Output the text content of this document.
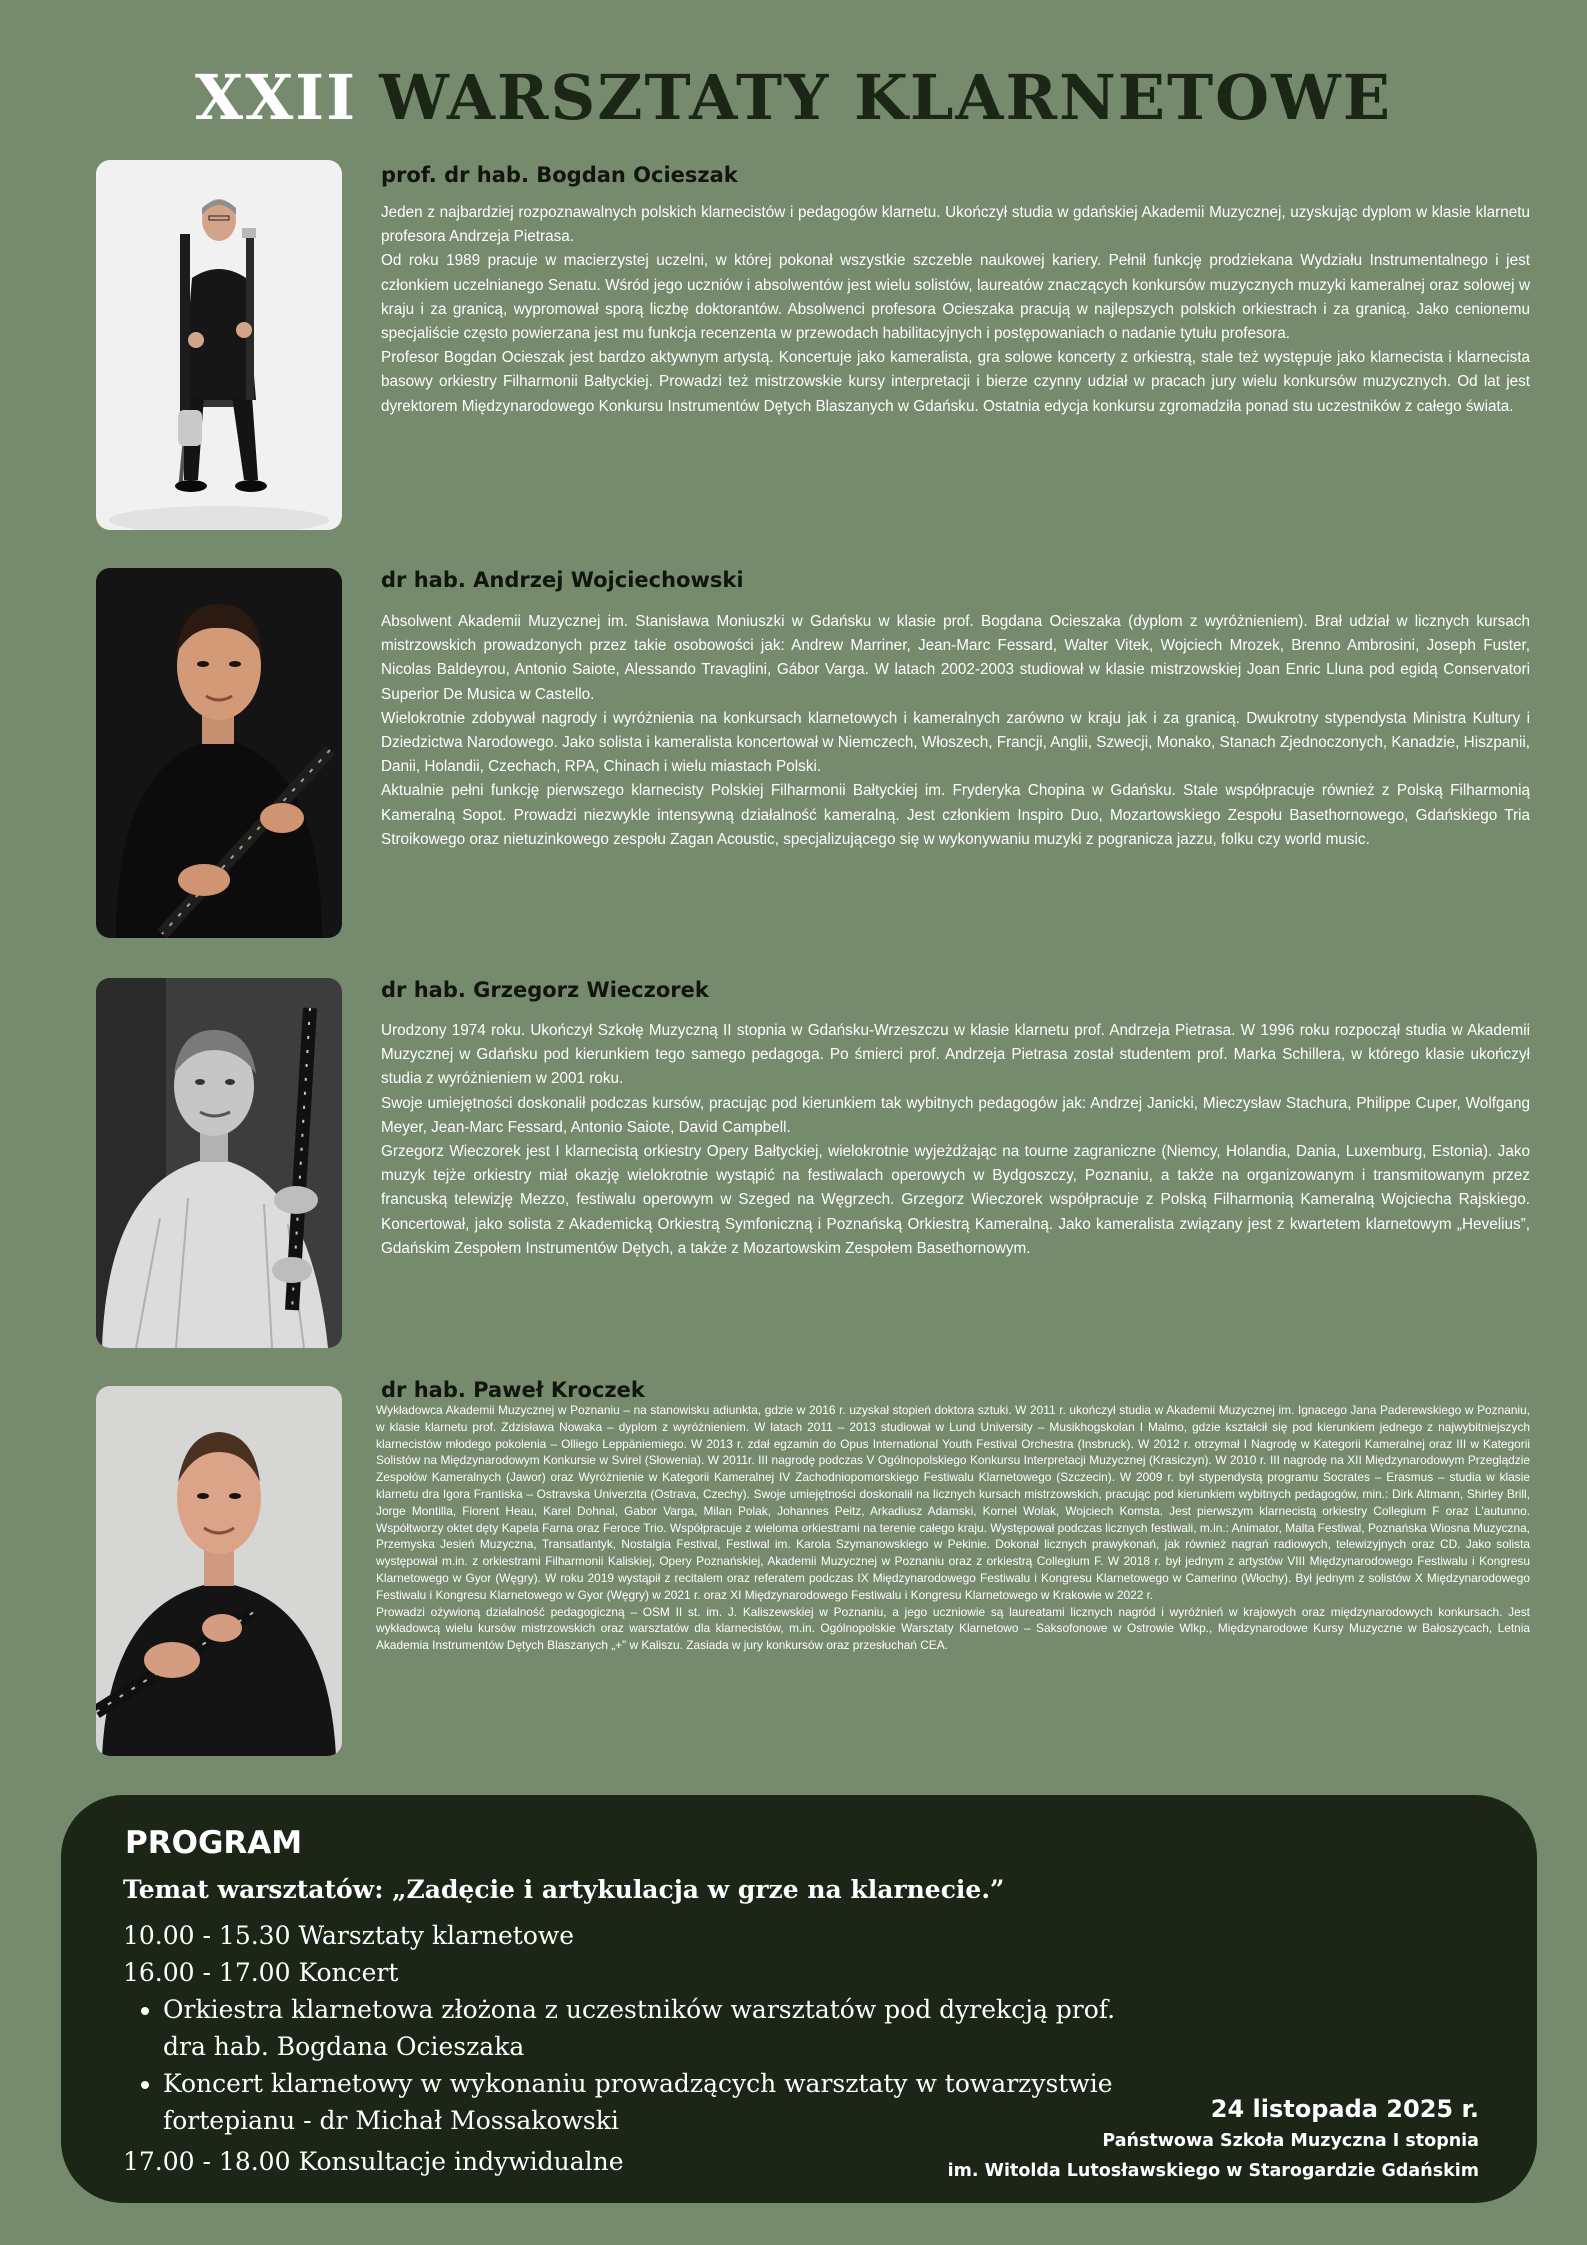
XXII WARSZTATY KLARNETOWE
prof. dr hab. Bogdan Ocieszak

Jeden z najbardziej rozpoznawalnych polskich klarnecistów i pedagogów klarnetu. Ukończył studia w gdańskiej Akademii Muzycznej, uzyskując dyplom w klasie klarnetu profesora Andrzeja Pietrasa.

Od roku 1989 pracuje w macierzystej uczelni, w której pokonał wszystkie szczeble naukowej kariery. Pełnił funkcję prodziekana Wydziału Instrumentalnego i jest członkiem uczelnianego Senatu. Wśród jego uczniów i absolwentów jest wielu solistów, laureatów znaczących konkursów muzycznych muzyki kameralnej oraz solowej w kraju i za granicą, wypromował sporą liczbę doktorantów. Absolwenci profesora Ocieszaka pracują w najlepszych polskich orkiestrach i za granicą. Jako cenionemu specjaliście często powierzana jest mu funkcja recenzenta w przewodach habilitacyjnych i postępowaniach o nadanie tytułu profesora.

Profesor Bogdan Ocieszak jest bardzo aktywnym artystą. Koncertuje jako kameralista, gra solowe koncerty z orkiestrą, stale też występuje jako klarnecista i klarnecista basowy orkiestry Filharmonii Bałtyckiej. Prowadzi też mistrzowskie kursy interpretacji i bierze czynny udział w pracach jury wielu konkursów muzycznych. Od lat jest dyrektorem Międzynarodowego Konkursu Instrumentów Dętych Blaszanych w Gdańsku. Ostatnia edycja konkursu zgromadziła ponad stu uczestników z całego świata.

dr hab. Andrzej Wojciechowski

Absolwent Akademii Muzycznej im. Stanisława Moniuszki w Gdańsku w klasie prof. Bogdana Ocieszaka (dyplom z wyróżnieniem). Brał udział w licznych kursach mistrzowskich prowadzonych przez takie osobowości jak: Andrew Marriner, Jean-Marc Fessard, Walter Vitek, Wojciech Mrozek, Brenno Ambrosini, Joseph Fuster, Nicolas Baldeyrou, Antonio Saiote, Alessando Travaglini, Gábor Varga. W latach 2002-2003 studiował w klasie mistrzowskiej Joan Enric Lluna pod egidą Conservatori Superior De Musica w Castello.

Wielokrotnie zdobywał nagrody i wyróżnienia na konkursach klarnetowych i kameralnych zarówno w kraju jak i za granicą. Dwukrotny stypendysta Ministra Kultury i Dziedzictwa Narodowego. Jako solista i kameralista koncertował w Niemczech, Włoszech, Francji, Anglii, Szwecji, Monako, Stanach Zjednoczonych, Kanadzie, Hiszpanii, Danii, Holandii, Czechach, RPA, Chinach i wielu miastach Polski.

Aktualnie pełni funkcję pierwszego klarnecisty Polskiej Filharmonii Bałtyckiej im. Fryderyka Chopina w Gdańsku. Stale współpracuje również z Polską Filharmonią Kameralną Sopot. Prowadzi niezwykle intensywną działalność kameralną. Jest członkiem Inspiro Duo, Mozartowskiego Zespołu Basethornowego, Gdańskiego Tria Stroikowego oraz nietuzinkowego zespołu Zagan Acoustic, specjalizującego się w wykonywaniu muzyki z pogranicza jazzu, folku czy world music.

dr hab. Grzegorz Wieczorek

Urodzony 1974 roku. Ukończył Szkołę Muzyczną II stopnia w Gdańsku-Wrzeszczu w klasie klarnetu prof. Andrzeja Pietrasa. W 1996 roku rozpoczął studia w Akademii Muzycznej w Gdańsku pod kierunkiem tego samego pedagoga. Po śmierci prof. Andrzeja Pietrasa został studentem prof. Marka Schillera, w którego klasie ukończył studia z wyróżnieniem w 2001 roku.

Swoje umiejętności doskonalił podczas kursów, pracując pod kierunkiem tak wybitnych pedagogów jak: Andrzej Janicki, Mieczysław Stachura, Philippe Cuper, Wolfgang Meyer, Jean-Marc Fessard, Antonio Saiote, David Campbell.

Grzegorz Wieczorek jest I klarnecistą orkiestry Opery Bałtyckiej, wielokrotnie wyjeżdżając na tourne zagraniczne (Niemcy, Holandia, Dania, Luxemburg, Estonia). Jako muzyk tejże orkiestry miał okazję wielokrotnie wystąpić na festiwalach operowych w Bydgoszczy, Poznaniu, a także na organizowanym i transmitowanym przez francuską telewizję Mezzo, festiwalu operowym w Szeged na Węgrzech. Grzegorz Wieczorek współpracuje z Polską Filharmonią Kameralną Wojciecha Rajskiego. Koncertował, jako solista z Akademicką Orkiestrą Symfoniczną i Poznańską Orkiestrą Kameralną. Jako kameralista związany jest z kwartetem klarnetowym „Hevelius”, Gdańskim Zespołem Instrumentów Dętych, a także z Mozartowskim Zespołem Basethornowym.

dr hab. Paweł Kroczek

Wykładowca Akademii Muzycznej w Poznaniu – na stanowisku adiunkta, gdzie w 2016 r. uzyskał stopień doktora sztuki. W 2011 r. ukończył studia w Akademii Muzycznej im. Ignacego Jana Paderewskiego w Poznaniu, w klasie klarnetu prof. Zdzisława Nowaka – dyplom z wyróżnieniem. W latach 2011 – 2013 studiował w Lund University – Musikhogskolan I Malmo, gdzie kształcił się pod kierunkiem jednego z najwybitniejszych klarnecistów młodego pokolenia – Olliego Leppäniemiego. W 2013 r. zdał egzamin do Opus International Youth Festival Orchestra (Insbruck). W 2012 r. otrzymał I Nagrodę w Kategorii Kameralnej oraz III w Kategorii Solistów na Międzynarodowym Konkursie w Svirel (Słowenia). W 2011r. III nagrodę podczas V Ogólnopolskiego Konkursu Interpretacji Muzycznej (Krasiczyn). W 2010 r. III nagrodę na XII Międzynarodowym Przeglądzie Zespołów Kameralnych (Jawor) oraz Wyróżnienie w Kategorii Kameralnej IV Zachodniopomorskiego Festiwalu Klarnetowego (Szczecin). W 2009 r. był stypendystą programu Socrates – Erasmus – studia w klasie klarnetu dra Igora Frantiska – Ostravska Univerzita (Ostrava, Czechy). Swoje umiejętności doskonalił na licznych kursach mistrzowskich, pracując pod kierunkiem wybitnych pedagogów, min.: Dirk Altmann, Shirley Brill, Jorge Montilla, Florent Heau, Karel Dohnal, Gabor Varga, Milan Polak, Johannes Peitz, Arkadiusz Adamski, Kornel Wolak, Wojciech Komsta. Jest pierwszym klarnecistą orkiestry Collegium F oraz L'autunno. Współtworzy oktet dęty Kapela Farna oraz Feroce Trio. Współpracuje z wieloma orkiestrami na terenie całego kraju. Występował podczas licznych festiwali, m.in.: Animator, Malta Festiwal, Poznańska Wiosna Muzyczna, Przemyska Jesień Muzyczna, Transatlantyk, Nostalgia Festival, Festiwal im. Karola Szymanowskiego w Pekinie. Dokonał licznych prawykonań, jak również nagrań radiowych, telewizyjnych oraz CD. Jako solista występował m.in. z orkiestrami Filharmonii Kaliskiej, Opery Poznańskiej, Akademii Muzycznej w Poznaniu oraz z orkiestrą Collegium F. W 2018 r. był jednym z artystów VIII Międzynarodowego Festiwalu i Kongresu Klarnetowego w Gyor (Węgry). W roku 2019 wystąpił z recitalem oraz referatem podczas IX Międzynarodowego Festiwalu i Kongresu Klarnetowego w Camerino (Włochy). Był jednym z solistów X Międzynarodowego Festiwalu i Kongresu Klarnetowego w Gyor (Węgry) w 2021 r. oraz XI Międzynarodowego Festiwalu i Kongresu Klarnetowego w Krakowie w 2022 r.

Prowadzi ożywioną działalność pedagogiczną – OSM II st. im. J. Kaliszewskiej w Poznaniu, a jego uczniowie są laureatami licznych nagród i wyróżnień w krajowych oraz międzynarodowych konkursach. Jest wykładowcą wielu kursów mistrzowskich oraz warsztatów dla klarnecistów, m.in. Ogólnopolskie Warsztaty Klarnetowo – Saksofonowe w Ostrowie Wlkp., Międzynarodowe Kursy Muzyczne w Bałoszycach, Letnia Akademia Instrumentów Dętych Blaszanych „+” w Kaliszu. Zasiada w jury konkursów oraz przesłuchań CEA.

PROGRAM
Temat warsztatów: „Zadęcie i artykulacja w grze na klarnecie.”
10.00 - 15.30 Warsztaty klarnetowe
16.00 - 17.00 Koncert
• Orkiestra klarnetowa złożona z uczestników warsztatów pod dyrekcją prof. dra hab. Bogdana Ocieszaka
• Koncert klarnetowy w wykonaniu prowadzących warsztaty w towarzystwie fortepianu - dr Michał Mossakowski
17.00 - 18.00 Konsultacje indywidualne
24 listopada 2025 r.
Państwowa Szkoła Muzyczna I stopnia
im. Witolda Lutosławskiego w Starogardzie Gdańskim
